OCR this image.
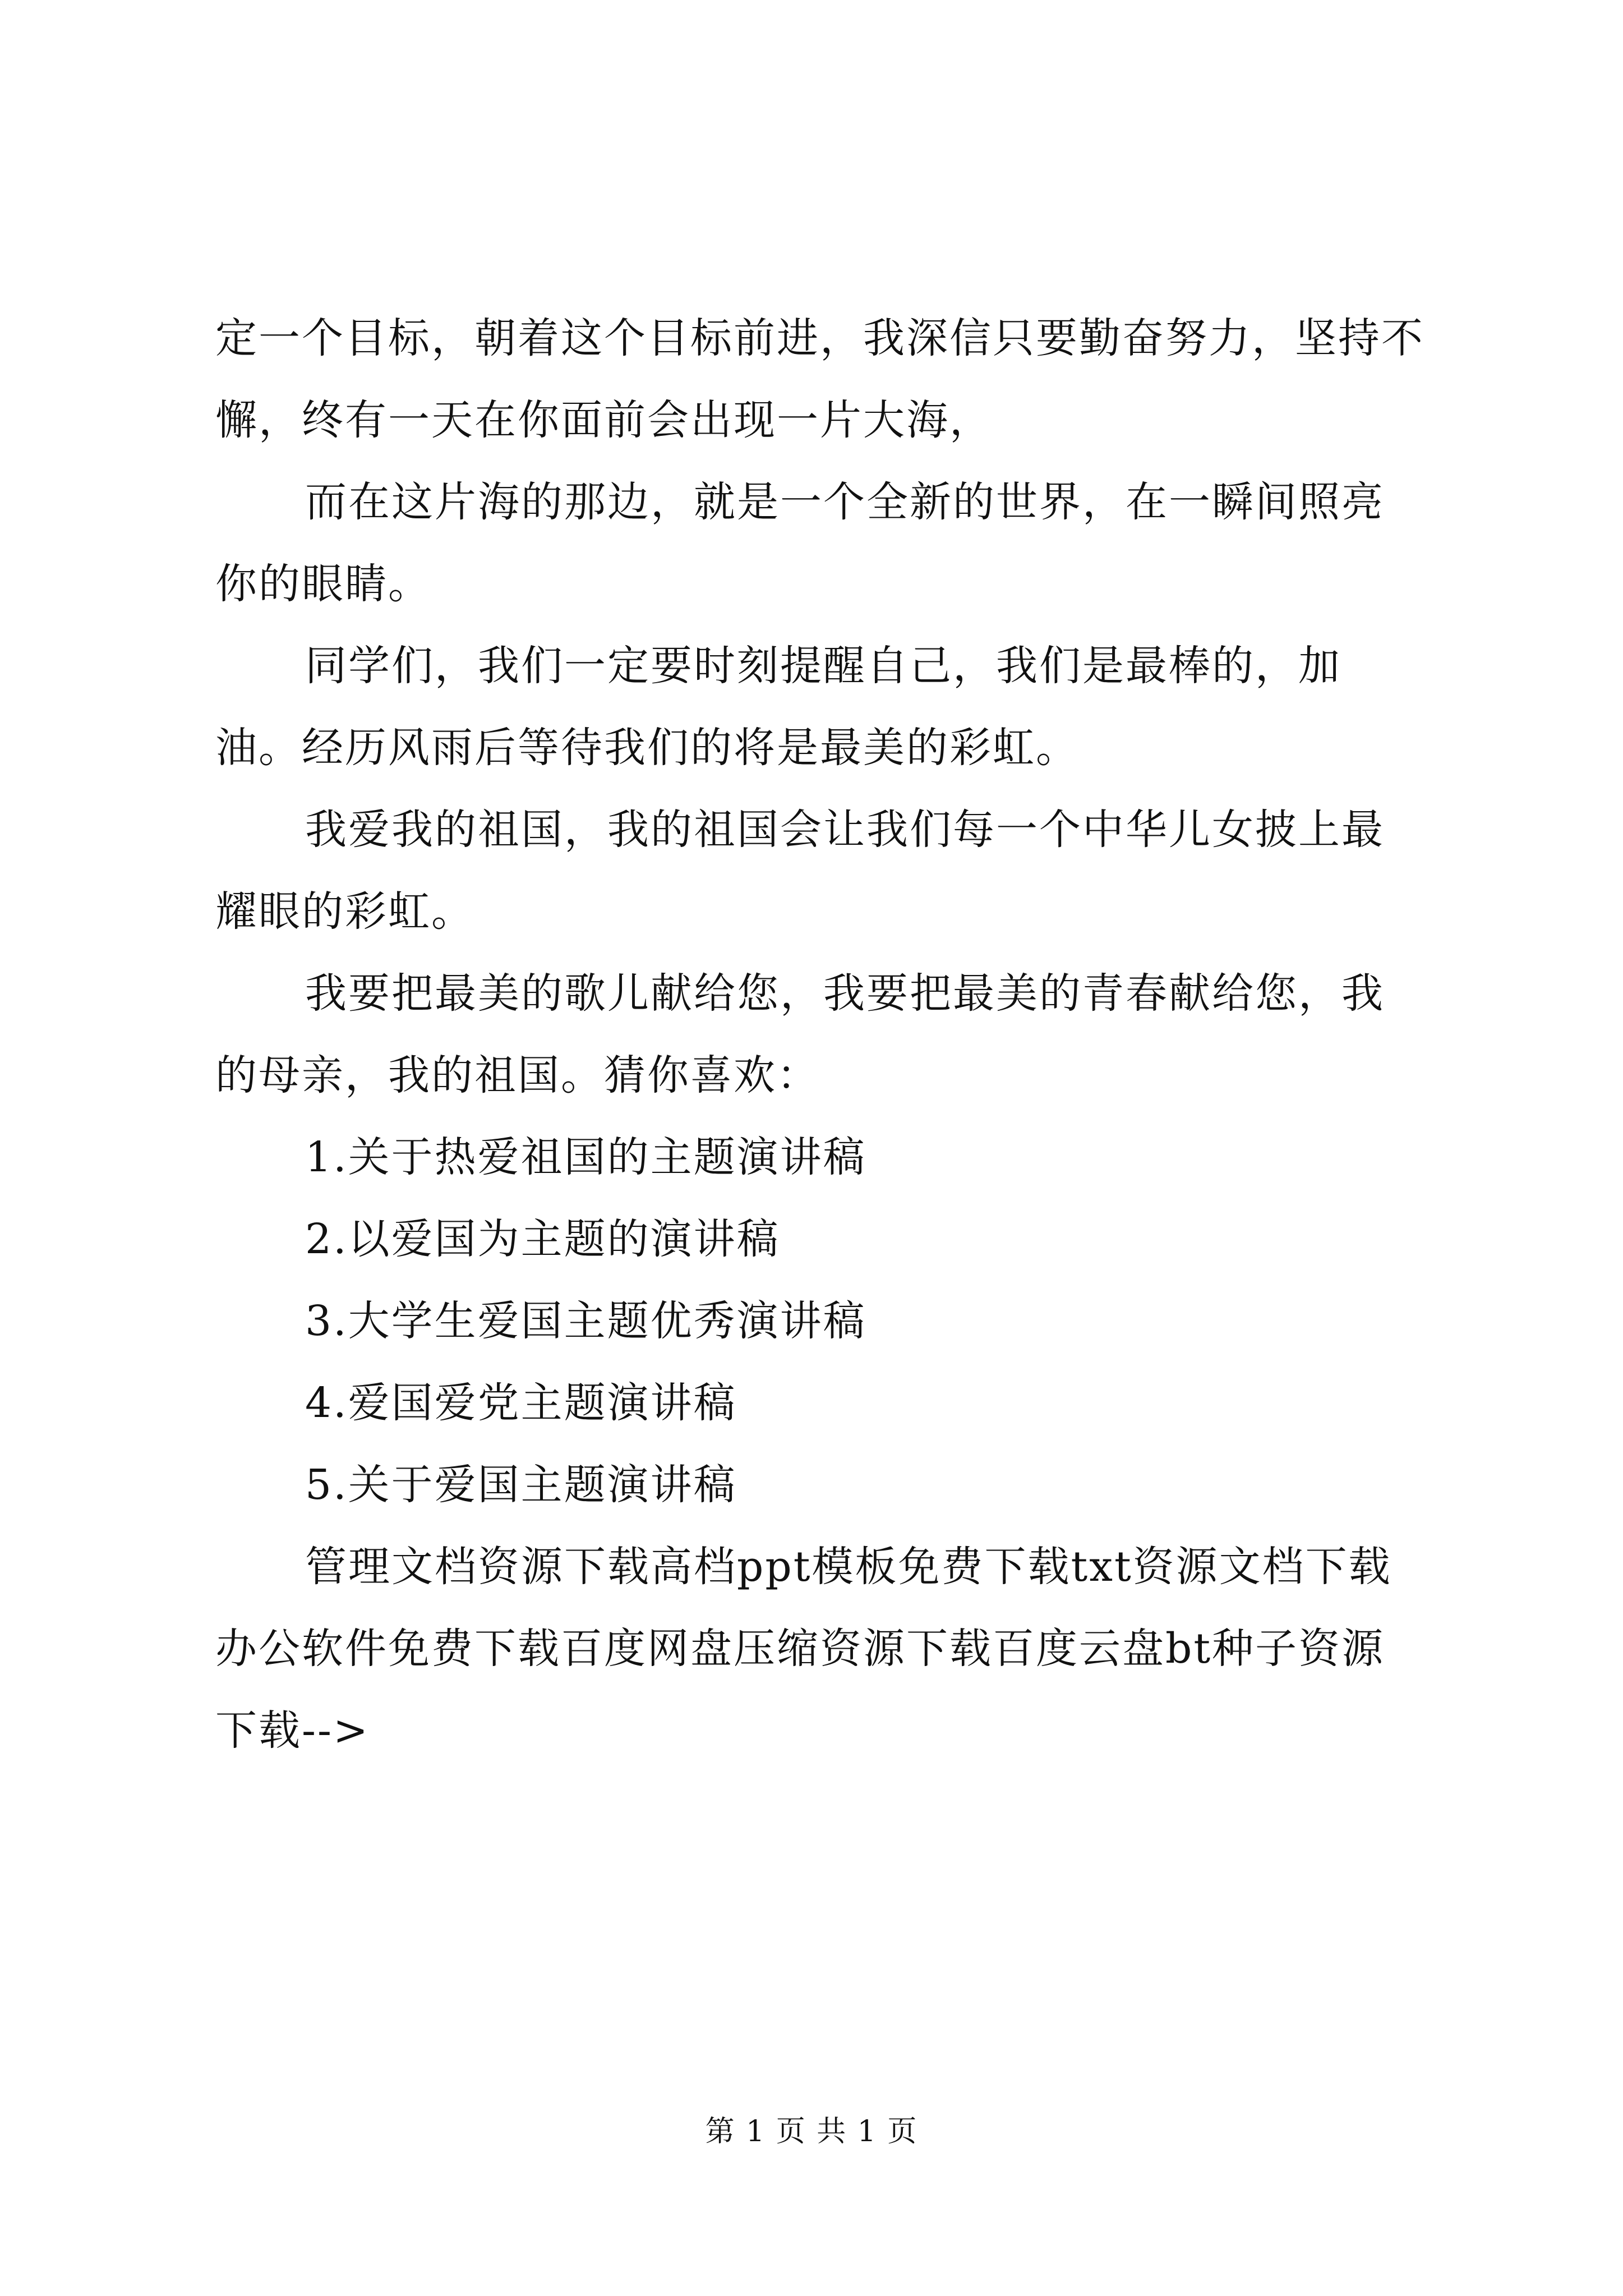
定一个目标，朝着这个目标前进，我深信只要勤奋努力，坚持不懈，终有一天在你面前会出现一片大海，

而在这片海的那边，就是一个全新的世界，在一瞬间照亮你的眼睛。

同学们，我们一定要时刻提醒自己，我们是最棒的，加油。经历风雨后等待我们的将是最美的彩虹。

我爱我的祖国，我的祖国会让我们每一个中华儿女披上最耀眼的彩虹。

我要把最美的歌儿献给您，我要把最美的青春献给您，我的母亲，我的祖国。猜你喜欢：

1.关于热爱祖国的主题演讲稿

2.以爱国为主题的演讲稿

3.大学生爱国主题优秀演讲稿

4.爱国爱党主题演讲稿

5.关于爱国主题演讲稿

管理文档资源下载高档ppt模板免费下载txt资源文档下载办公软件免费下载百度网盘压缩资源下载百度云盘bt种子资源下载-->

第 1 页 共 1 页
